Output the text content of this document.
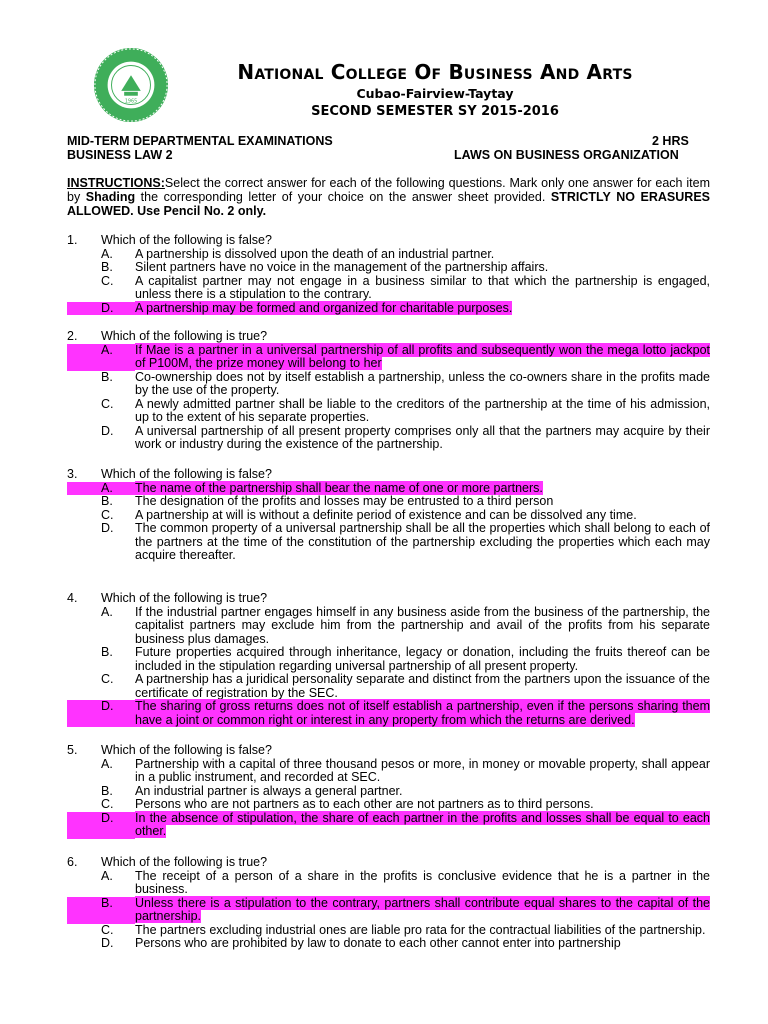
1965
National College Of Business And Arts
Cubao-Fairview-Taytay
SECOND SEMESTER SY 2015-2016
MID-TERM DEPARTMENTAL EXAMINATIONS	2 HRS
BUSINESS LAW 2	LAWS ON BUSINESS ORGANIZATION
INSTRUCTIONS:Select the correct answer for each of the following questions. Mark only one answer for each item by Shading the corresponding letter of your choice on the answer sheet provided. STRICTLY NO ERASURES ALLOWED. Use Pencil No. 2 only.
1.	Which of the following is false?
A.	A partnership is dissolved upon the death of an industrial partner.
B.	Silent partners have no voice in the management of the partnership affairs.
C.	A capitalist partner may not engage in a business similar to that which the partnership is engaged, unless there is a stipulation to the contrary.
D.	A partnership may be formed and organized for charitable purposes.
2.	Which of the following is true?
A.	If Mae is a partner in a universal partnership of all profits and subsequently won the mega lotto jackpot of P100M, the prize money will belong to her
B.	Co-ownership does not by itself establish a partnership, unless the co-owners share in the profits made by the use of the property.
C.	A newly admitted partner shall be liable to the creditors of the partnership at the time of his admission, up to the extent of his separate properties.
D.	A universal partnership of all present property comprises only all that the partners may acquire by their work or industry during the existence of the partnership.
3.	Which of the following is false?
A.	The name of the partnership shall bear the name of one or more partners.
B.	The designation of the profits and losses may be entrusted to a third person
C.	A partnership at will is without a definite period of existence and can be dissolved any time.
D.	The common property of a universal partnership shall be all the properties which shall belong to each of the partners at the time of the constitution of the partnership excluding the properties which each may acquire thereafter.
4.	Which of the following is true?
A.	If the industrial partner engages himself in any business aside from the business of the partnership, the capitalist partners may exclude him from the partnership and avail of the profits from his separate business plus damages.
B.	Future properties acquired through inheritance, legacy or donation, including the fruits thereof can be included in the stipulation regarding universal partnership of all present property.
C.	A partnership has a juridical personality separate and distinct from the partners upon the issuance of the certificate of registration by the SEC.
D.	The sharing of gross returns does not of itself establish a partnership, even if the persons sharing them have a joint or common right or interest in any property from which the returns are derived.
5.	Which of the following is false?
A.	Partnership with a capital of three thousand pesos or more, in money or movable property, shall appear in a public instrument, and recorded at SEC.
B.	An industrial partner is always a general partner.
C.	Persons who are not partners as to each other are not partners as to third persons.
D.	In the absence of stipulation, the share of each partner in the profits and losses shall be equal to each other.
6.	Which of the following is true?
A.	The receipt of a person of a share in the profits is conclusive evidence that he is a partner in the business.
B.	Unless there is a stipulation to the contrary, partners shall contribute equal shares to the capital of the partnership.
C.	The partners excluding industrial ones are liable pro rata for the contractual liabilities of the partnership.
D.	Persons who are prohibited by law to donate to each other cannot enter into partnership
